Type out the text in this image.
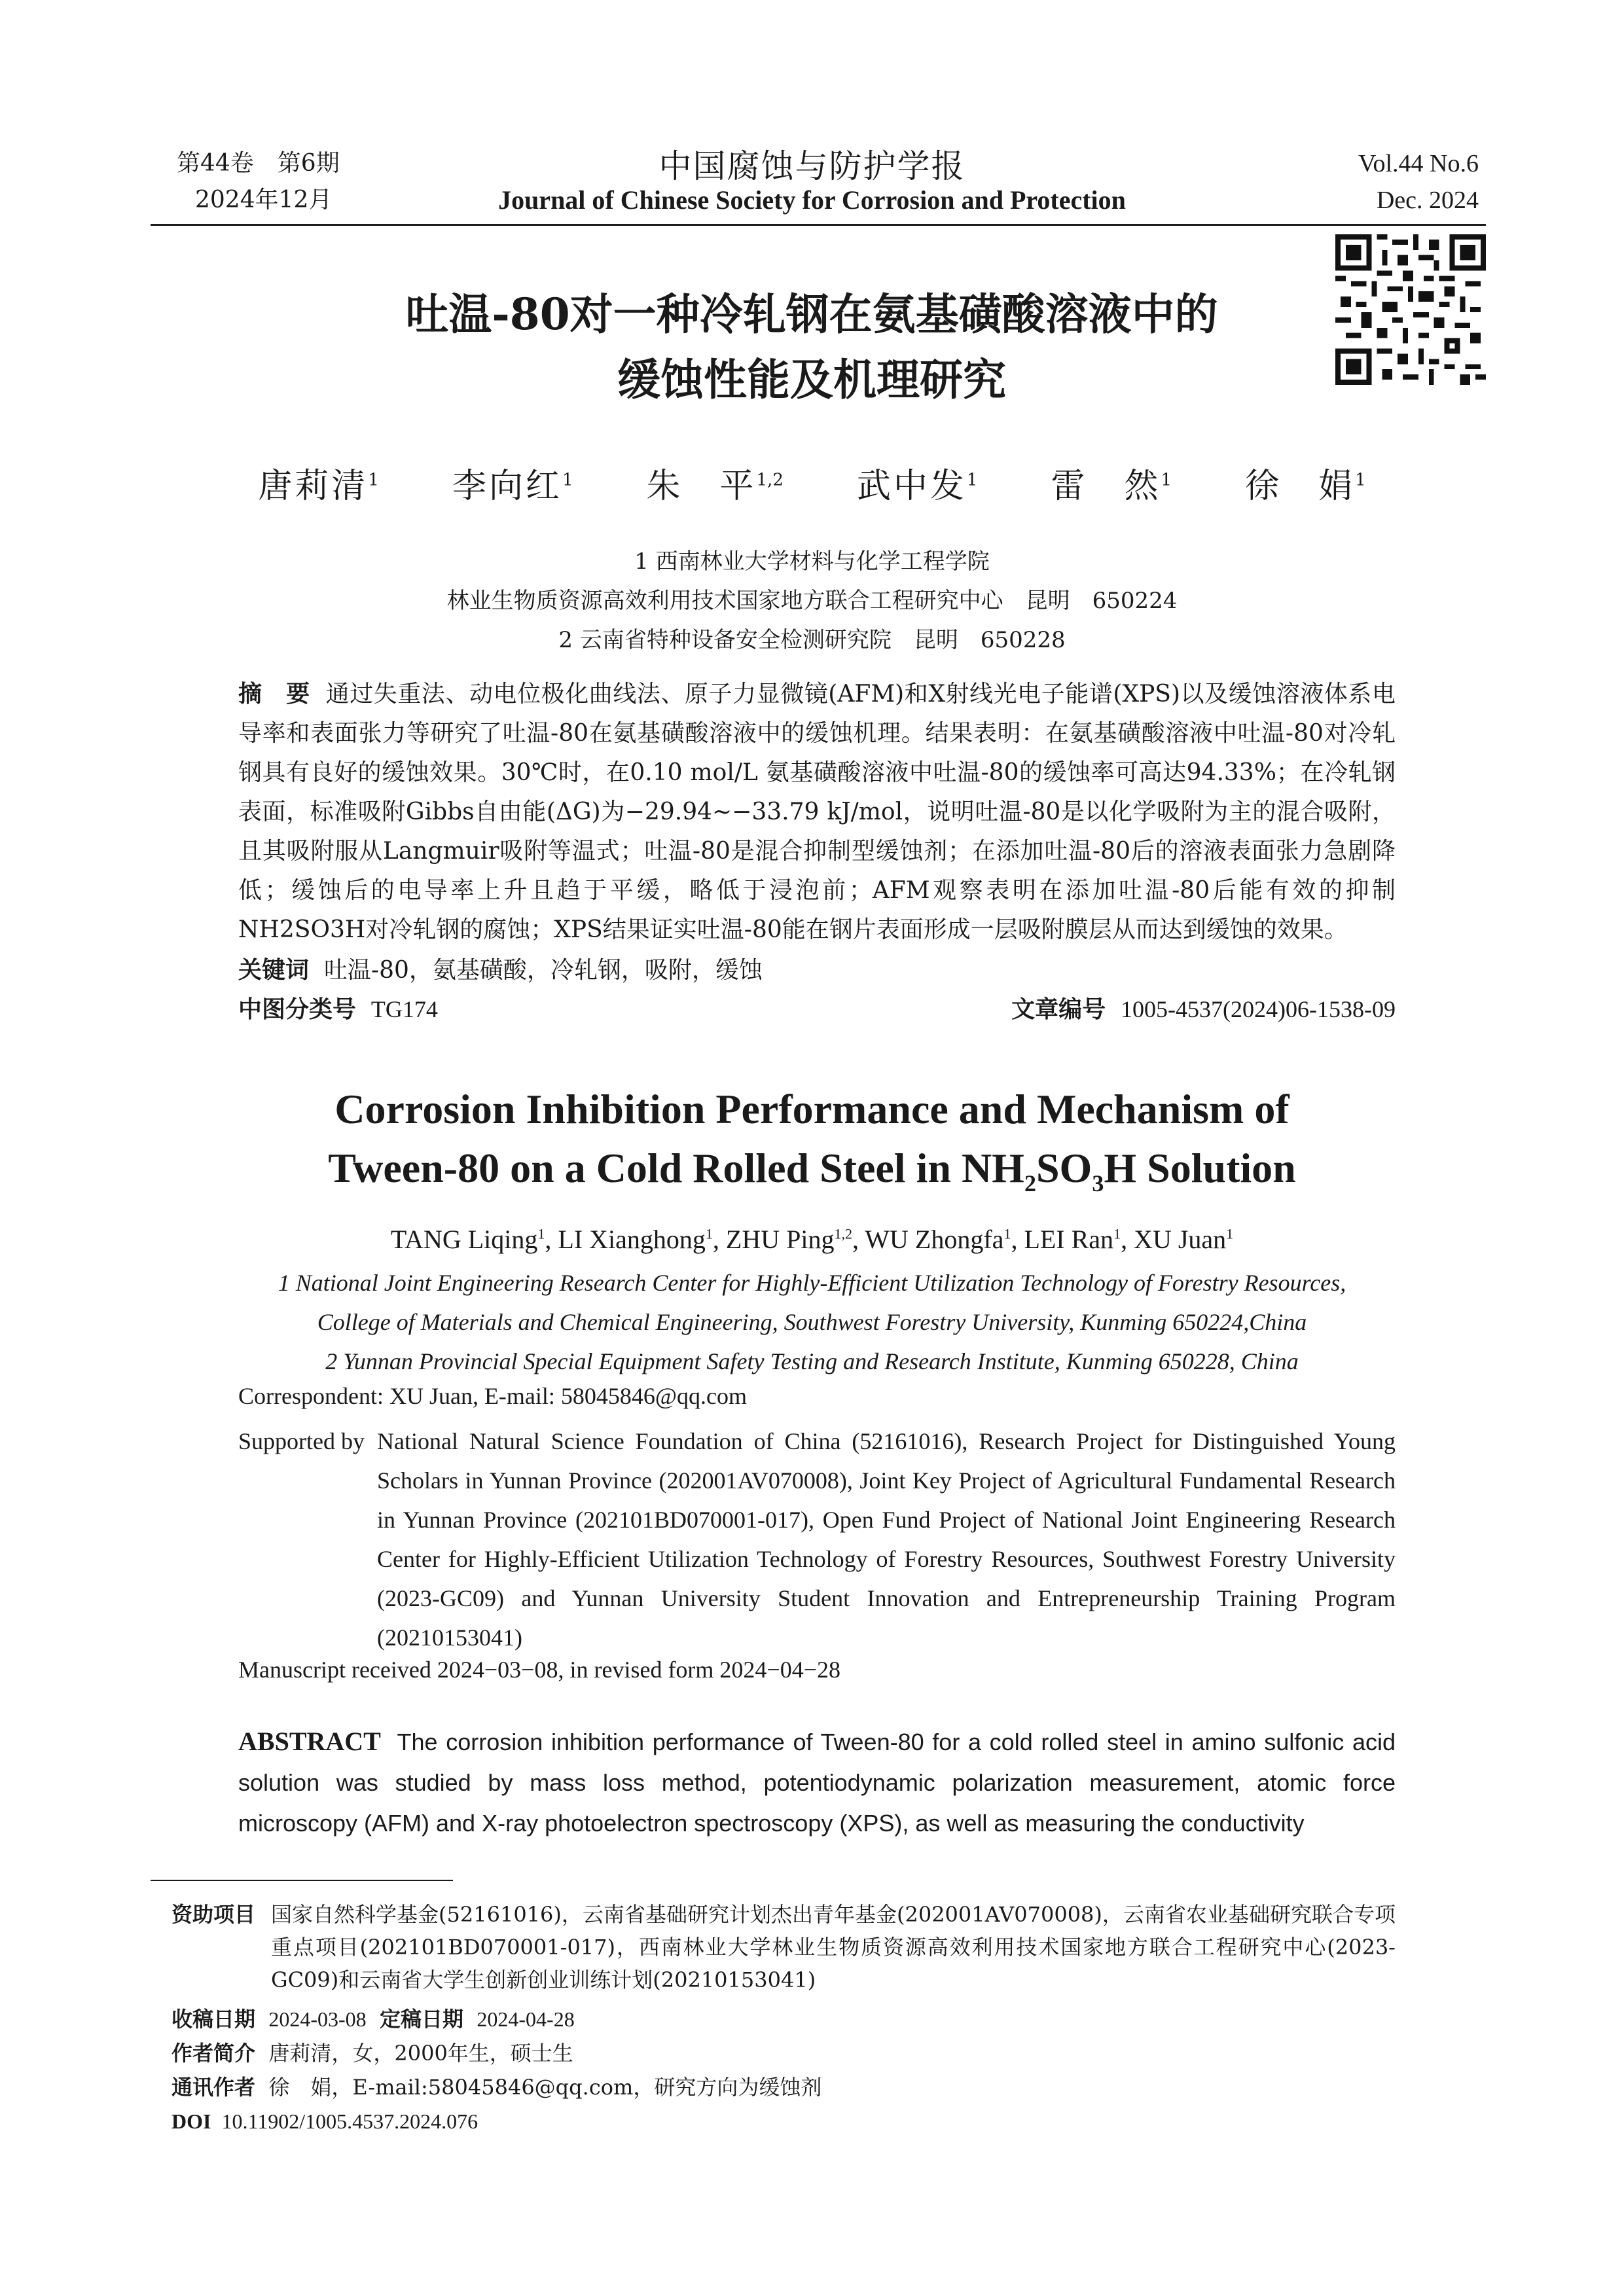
第44卷　第6期
2024年12月
中国腐蚀与防护学报
Journal of Chinese Society for Corrosion and Protection
Vol.44 No.6
Dec. 2024
吐温-80对一种冷轧钢在氨基磺酸溶液中的
缓蚀性能及机理研究
唐莉清$^1$　　 李向红$^1$　　 朱　平$^{1,2}$　　 武中发$^1$　　 雷　然$^1$　　 徐　娟$^1$
1 西南林业大学材料与化学工程学院
林业生物质资源高效利用技术国家地方联合工程研究中心　昆明　650224
2 云南省特种设备安全检测研究院　昆明　650228
摘　要 通过失重法、动电位极化曲线法、原子力显微镜(AFM)和X射线光电子能谱(XPS)以及缓蚀溶液体系电导率和表面张力等研究了吐温-80在氨基磺酸溶液中的缓蚀机理。结果表明：在氨基磺酸溶液中吐温-80对冷轧钢具有良好的缓蚀效果。30℃时，在0.10 mol/L 氨基磺酸溶液中吐温-80的缓蚀率可高达94.33%；在冷轧钢表面，标准吸附Gibbs自由能(ΔG)为−29.94~−33.79 kJ/mol，说明吐温-80是以化学吸附为主的混合吸附，且其吸附服从Langmuir吸附等温式；吐温-80是混合抑制型缓蚀剂；在添加吐温-80后的溶液表面张力急剧降低；缓蚀后的电导率上升且趋于平缓，略低于浸泡前；AFM观察表明在添加吐温-80后能有效的抑制NH2SO3H对冷轧钢的腐蚀；XPS结果证实吐温-80能在钢片表面形成一层吸附膜层从而达到缓蚀的效果。
关键词 吐温-80，氨基磺酸，冷轧钢，吸附，缓蚀
中图分类号 TG174	文章编号 1005-4537(2024)06-1538-09
Corrosion Inhibition Performance and Mechanism of
Tween-80 on a Cold Rolled Steel in $NH_2SO_3H$ Solution
TANG Liqing$^1$, LI Xianghong$^1$, ZHU Ping$^{1,2}$, WU Zhongfa$^1$, LEI Ran$^1$, XU Juan$^1$
1 National Joint Engineering Research Center for Highly-Efficient Utilization Technology of Forestry Resources,
College of Materials and Chemical Engineering, Southwest Forestry University, Kunming 650224,China
2 Yunnan Provincial Special Equipment Safety Testing and Research Institute, Kunming 650228, China
Correspondent: XU Juan, E-mail: 58045846@qq.com
Supported by National Natural Science Foundation of China (52161016), Research Project for Distinguished Young Scholars in Yunnan Province (202001AV070008), Joint Key Project of Agricultural Fundamental Research in Yunnan Province (202101BD070001-017), Open Fund Project of National Joint Engineering Research Center for Highly-Efficient Utilization Technology of Forestry Resources, Southwest Forestry University (2023-GC09) and Yunnan University Student Innovation and Entrepreneurship Training Program (20210153041)
Manuscript received 2024−03−08, in revised form 2024−04−28
ABSTRACT The corrosion inhibition performance of Tween-80 for a cold rolled steel in amino sulfonic acid solution was studied by mass loss method, potentiodynamic polarization measurement, atomic force microscopy (AFM) and X-ray photoelectron spectroscopy (XPS), as well as measuring the conductivity
资助项目 国家自然科学基金(52161016)，云南省基础研究计划杰出青年基金(202001AV070008)，云南省农业基础研究联合专项重点项目(202101BD070001-017)，西南林业大学林业生物质资源高效利用技术国家地方联合工程研究中心(2023-GC09)和云南省大学生创新创业训练计划(20210153041)
收稿日期 2024-03-08 定稿日期 2024-04-28
作者简介 唐莉清，女，2000年生，硕士生
通讯作者 徐　娟，E-mail:58045846@qq.com，研究方向为缓蚀剂
DOI 10.11902/1005.4537.2024.076
